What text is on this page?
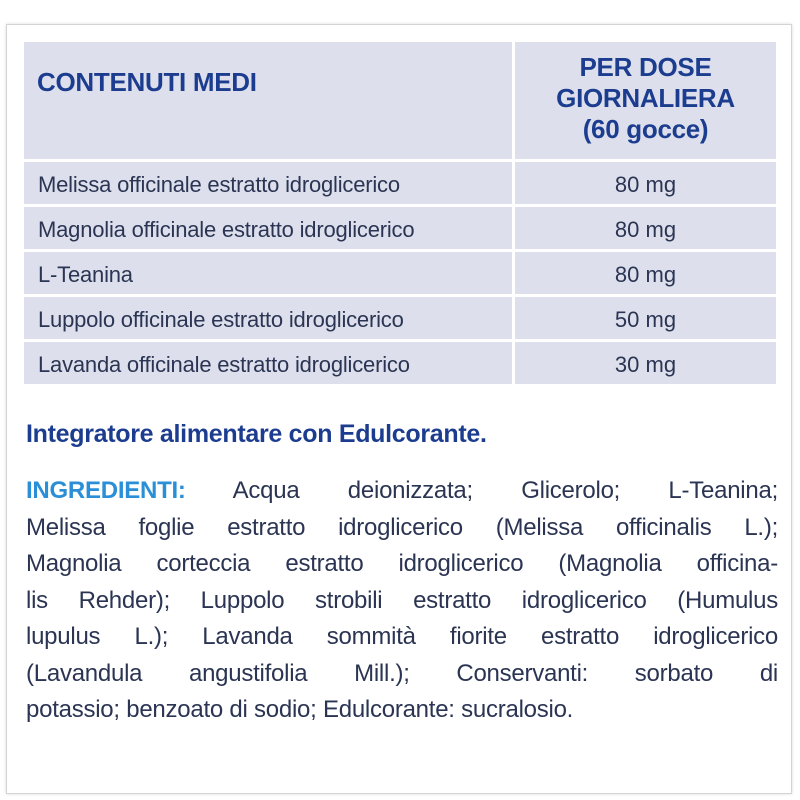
CONTENUTI MEDI	PER DOSE
GIORNALIERA
(60 gocce)
Melissa officinale estratto idroglicerico	80 mg
Magnolia officinale estratto idroglicerico	80 mg
L-Teanina	80 mg
Luppolo officinale estratto idroglicerico	50 mg
Lavanda officinale estratto idroglicerico	30 mg
Integratore alimentare con Edulcorante.
INGREDIENTI: Acqua deionizzata; Glicerolo; L-Teanina;
Melissa foglie estratto idroglicerico (Melissa officinalis L.);
Magnolia corteccia estratto idroglicerico (Magnolia officina-
lis Rehder); Luppolo strobili estratto idroglicerico (Humulus
lupulus L.); Lavanda sommità fiorite estratto idroglicerico
(Lavandula angustifolia Mill.); Conservanti: sorbato di
potassio; benzoato di sodio; Edulcorante: sucralosio.
